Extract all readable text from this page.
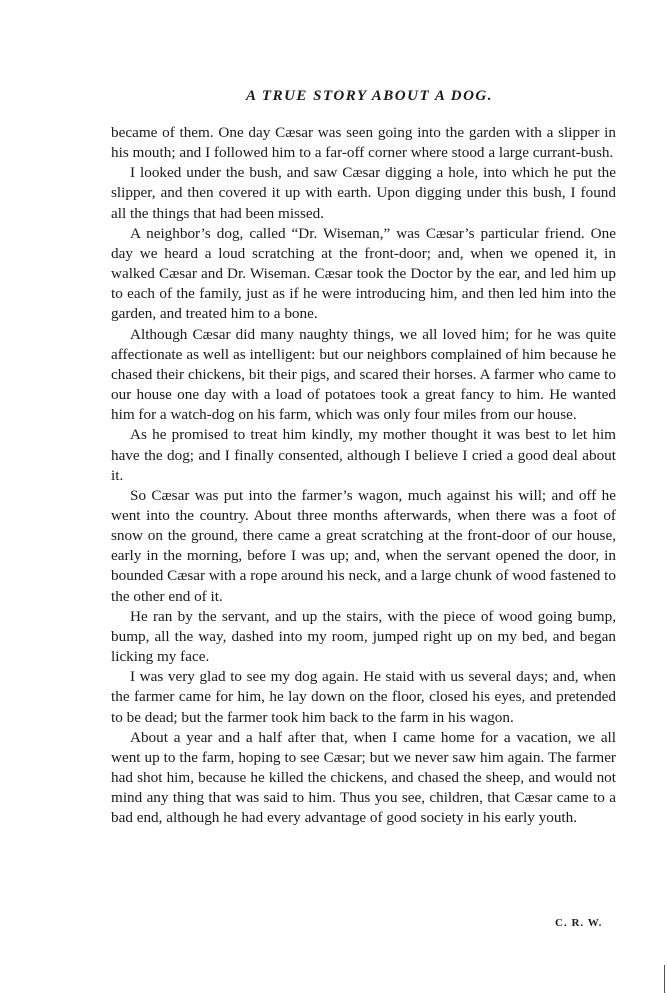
A TRUE STORY ABOUT A DOG.

became of them. One day Cæsar was seen going into the garden with a slipper in his mouth; and I followed him to a far-off corner where stood a large currant-bush.

I looked under the bush, and saw Cæsar digging a hole, into which he put the slipper, and then covered it up with earth. Upon digging under this bush, I found all the things that had been missed.

A neighbor’s dog, called “Dr. Wiseman,” was Cæsar’s particular friend. One day we heard a loud scratching at the front-door; and, when we opened it, in walked Cæsar and Dr. Wiseman. Cæsar took the Doctor by the ear, and led him up to each of the family, just as if he were introducing him, and then led him into the garden, and treated him to a bone.

Although Cæsar did many naughty things, we all loved him; for he was quite affectionate as well as intelligent: but our neighbors complained of him because he chased their chickens, bit their pigs, and scared their horses. A farmer who came to our house one day with a load of potatoes took a great fancy to him. He wanted him for a watch-dog on his farm, which was only four miles from our house.

As he promised to treat him kindly, my mother thought it was best to let him have the dog; and I finally consented, although I believe I cried a good deal about it.

So Cæsar was put into the farmer’s wagon, much against his will; and off he went into the country. About three months afterwards, when there was a foot of snow on the ground, there came a great scratching at the front-door of our house, early in the morning, before I was up; and, when the servant opened the door, in bounded Cæsar with a rope around his neck, and a large chunk of wood fastened to the other end of it.

He ran by the servant, and up the stairs, with the piece of wood going bump, bump, all the way, dashed into my room, jumped right up on my bed, and began licking my face.

I was very glad to see my dog again. He staid with us several days; and, when the farmer came for him, he lay down on the floor, closed his eyes, and pretended to be dead; but the farmer took him back to the farm in his wagon.

About a year and a half after that, when I came home for a vacation, we all went up to the farm, hoping to see Cæsar; but we never saw him again. The farmer had shot him, because he killed the chickens, and chased the sheep, and would not mind any thing that was said to him. Thus you see, children, that Cæsar came to a bad end, although he had every advantage of good society in his early youth.

C. R. W.
